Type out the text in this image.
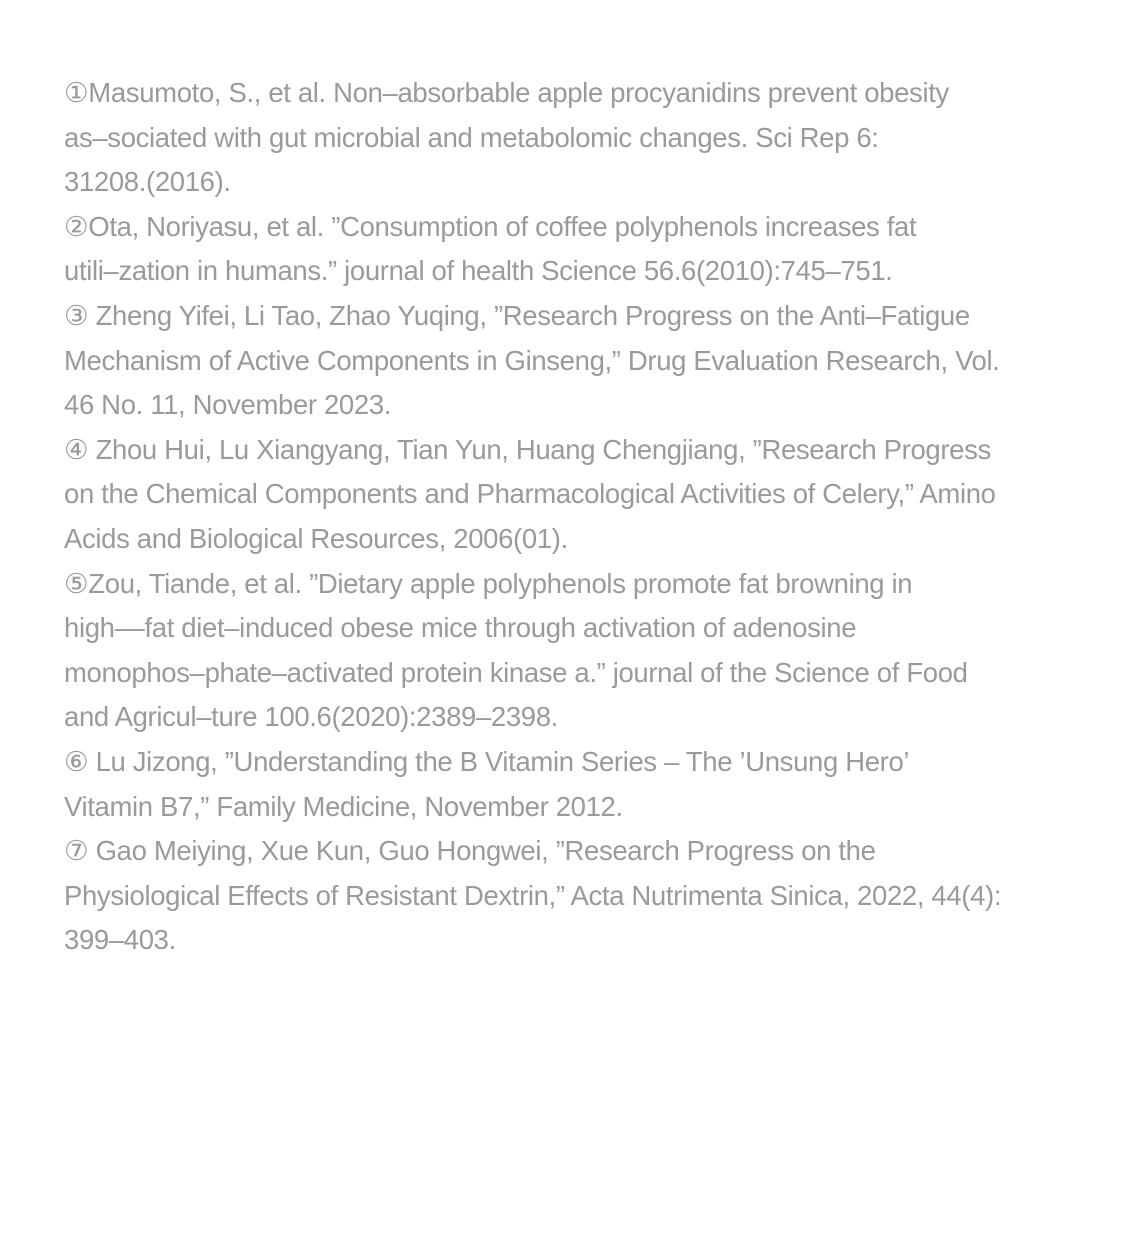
①Masumoto, S., et al. Non–absorbable apple procyanidins prevent obesity
as–sociated with gut microbial and metabolomic changes. Sci Rep 6:
31208.(2016).

②Ota, Noriyasu, et al. ”Consumption of coffee polyphenols increases fat
utili–zation in humans.” journal of health Science 56.6(2010):745–751.

③ Zheng Yifei, Li Tao, Zhao Yuqing, ”Research Progress on the Anti–Fatigue
Mechanism of Active Components in Ginseng,” Drug Evaluation Research, Vol.
46 No. 11, November 2023.

④ Zhou Hui, Lu Xiangyang, Tian Yun, Huang Chengjiang, ”Research Progress
on the Chemical Components and Pharmacological Activities of Celery,” Amino
Acids and Biological Resources, 2006(01).

⑤Zou, Tiande, et al. ”Dietary apple polyphenols promote fat browning in
high––fat diet–induced obese mice through activation of adenosine
monophos–phate–activated protein kinase a.” journal of the Science of Food
and Agricul–ture 100.6(2020):2389–2398.

⑥ Lu Jizong, ”Understanding the B Vitamin Series – The ’Unsung Hero’
Vitamin B7,” Family Medicine, November 2012.

⑦ Gao Meiying, Xue Kun, Guo Hongwei, ”Research Progress on the
Physiological Effects of Resistant Dextrin,” Acta Nutrimenta Sinica, 2022, 44(4):
399–403.
